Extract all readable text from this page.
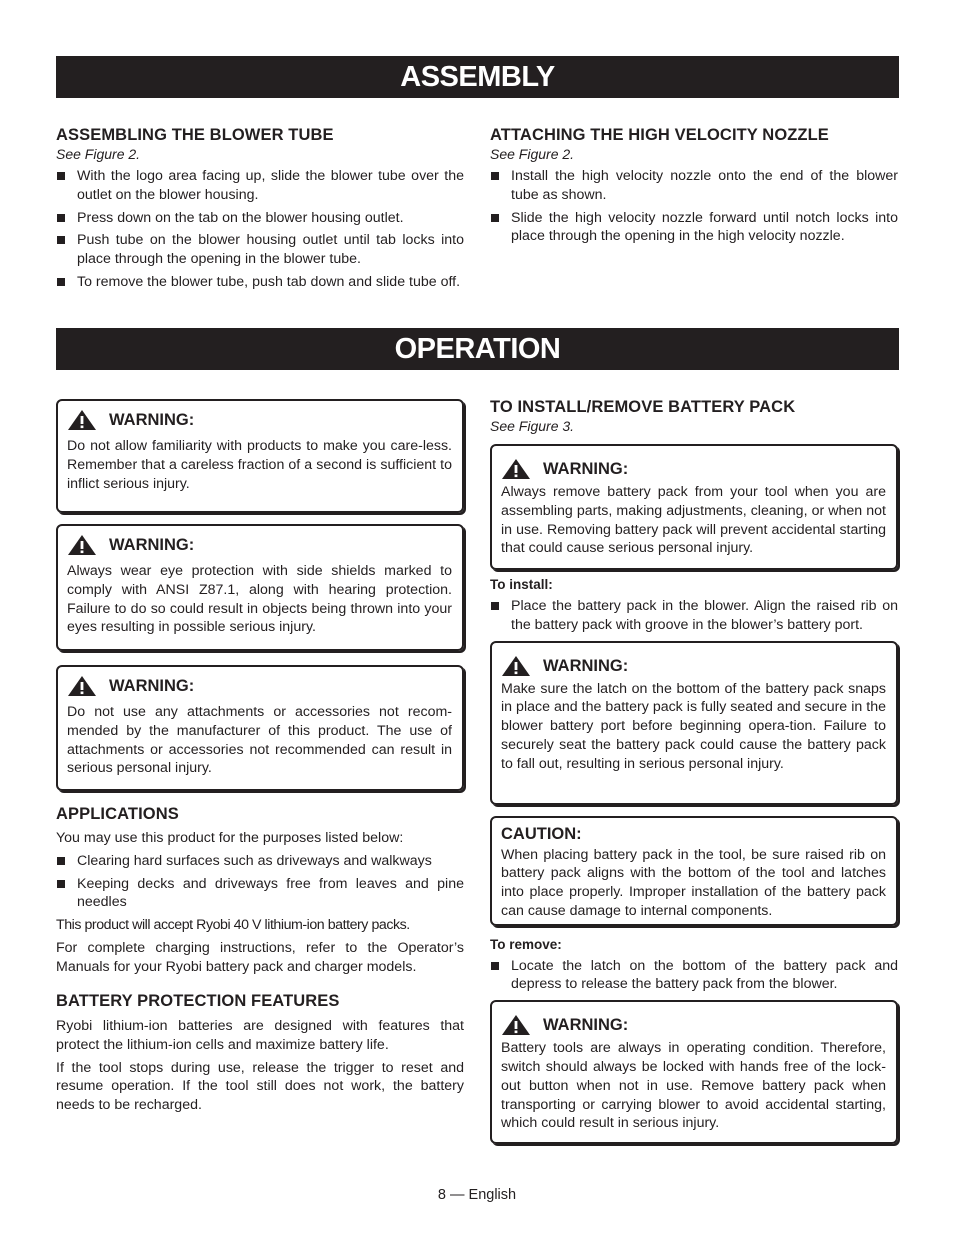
ASSEMBLY
ASSEMBLING THE BLOWER TUBE

See Figure 2.

With the logo area facing up, slide the blower tube over the outlet on the blower housing.
Press down on the tab on the blower housing outlet.
Push tube on the blower housing outlet until tab locks into place through the opening in the blower tube.
To remove the blower tube, push tab down and slide tube off.
ATTACHING THE HIGH VELOCITY NOZZLE

See Figure 2.

Install the high velocity nozzle onto the end of the blower tube as shown.
Slide the high velocity nozzle forward until notch locks into place through the opening in the high velocity nozzle.
OPERATION
WARNING:

Do not allow familiarity with products to make you care-less. Remember that a careless fraction of a second is sufficient to inflict serious injury.

WARNING:

Always wear eye protection with side shields marked to comply with ANSI Z87.1, along with hearing protection. Failure to do so could result in objects being thrown into your eyes resulting in possible serious injury.

WARNING:

Do not use any attachments or accessories not recom-mended by the manufacturer of this product. The use of attachments or accessories not recommended can result in serious personal injury.

APPLICATIONS

You may use this product for the purposes listed below:

Clearing hard surfaces such as driveways and walkways
Keeping decks and driveways free from leaves and pine needles

This product will accept Ryobi 40 V lithium-ion battery packs.

For complete charging instructions, refer to the Operator’s Manuals for your Ryobi battery pack and charger models.

BATTERY PROTECTION FEATURES

Ryobi lithium-ion batteries are designed with features that protect the lithium-ion cells and maximize battery life.

If the tool stops during use, release the trigger to reset and resume operation. If the tool still does not work, the battery needs to be recharged.

TO INSTALL/REMOVE BATTERY PACK

See Figure 3.

WARNING:

Always remove battery pack from your tool when you are assembling parts, making adjustments, cleaning, or when not in use. Removing battery pack will prevent accidental starting that could cause serious personal injury.

To install:

Place the battery pack in the blower. Align the raised rib on the battery pack with groove in the blower’s battery port.
WARNING:

Make sure the latch on the bottom of the battery pack snaps in place and the battery pack is fully seated and secure in the blower battery port before beginning opera-tion. Failure to securely seat the battery pack could cause the battery pack to fall out, resulting in serious personal injury.

CAUTION:

When placing battery pack in the tool, be sure raised rib on battery pack aligns with the bottom of the tool and latches into place properly. Improper installation of the battery pack can cause damage to internal components.

To remove:

Locate the latch on the bottom of the battery pack and depress to release the battery pack from the blower.
WARNING:

Battery tools are always in operating condition. Therefore, switch should always be locked with hands free of the lock-out button when not in use. Remove battery pack when transporting or carrying blower to avoid accidental starting, which could result in serious injury.

8 — English
